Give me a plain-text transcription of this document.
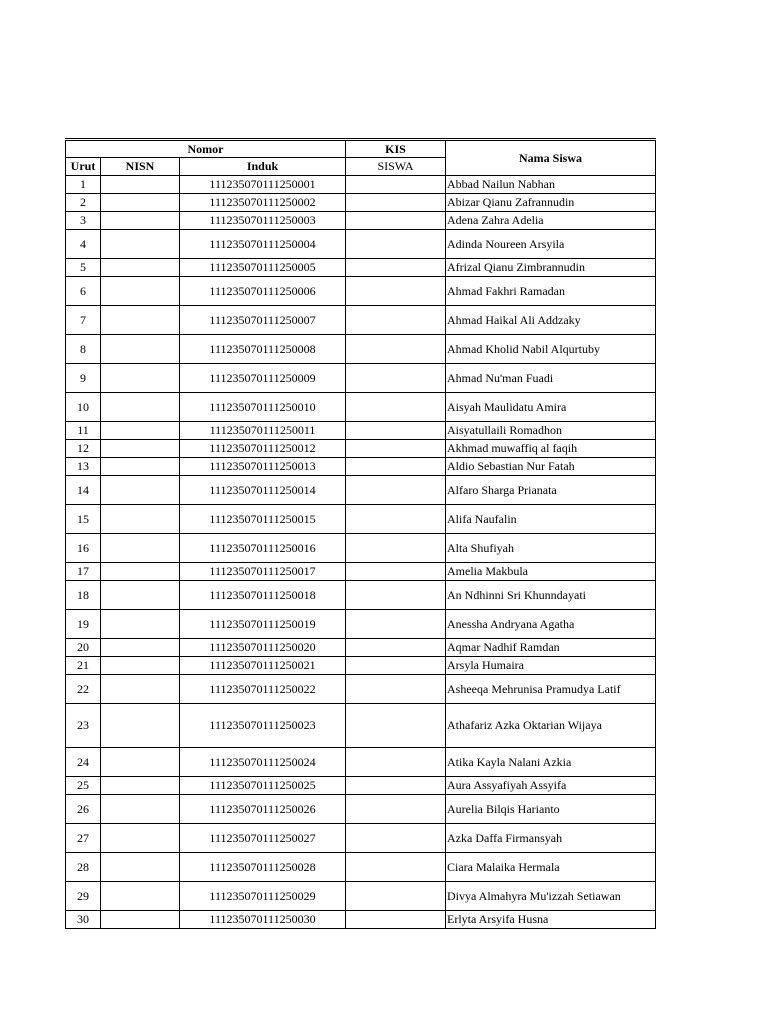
Nomor			KIS	Nama Siswa
Urut	NISN	Induk	SISWA	
1		111235070111250001		Abbad Nailun Nabhan
2		111235070111250002		Abizar Qianu Zafrannudin
3		111235070111250003		Adena Zahra Adelia
4		111235070111250004		Adinda Noureen Arsyila
5		111235070111250005		Afrizal Qianu Zimbrannudin
6		111235070111250006		Ahmad Fakhri Ramadan
7		111235070111250007		Ahmad Haikal Ali Addzaky
8		111235070111250008		Ahmad Kholid Nabil Alqurtuby
9		111235070111250009		Ahmad Nu'man Fuadi
10		111235070111250010		Aisyah Maulidatu Amira
11		111235070111250011		Aisyatullaili Romadhon
12		111235070111250012		Akhmad muwaffiq al faqih
13		111235070111250013		Aldio Sebastian Nur Fatah
14		111235070111250014		Alfaro Sharga Prianata
15		111235070111250015		Alifa Naufalin
16		111235070111250016		Alta Shufiyah
17		111235070111250017		Amelia Makbula
18		111235070111250018		An Ndhinni Sri Khunndayati
19		111235070111250019		Anessha Andryana Agatha
20		111235070111250020		Aqmar Nadhif Ramdan
21		111235070111250021		Arsyla Humaira
22		111235070111250022		Asheeqa Mehrunisa Pramudya Latif
23		111235070111250023		Athafariz Azka Oktarian Wijaya
24		111235070111250024		Atika Kayla Nalani Azkia
25		111235070111250025		Aura Assyafiyah Assyifa
26		111235070111250026		Aurelia Bilqis Harianto
27		111235070111250027		Azka Daffa Firmansyah
28		111235070111250028		Ciara Malaika Hermala
29		111235070111250029		Divya Almahyra Mu'izzah Setiawan
30		111235070111250030		Erlyta Arsyifa Husna
